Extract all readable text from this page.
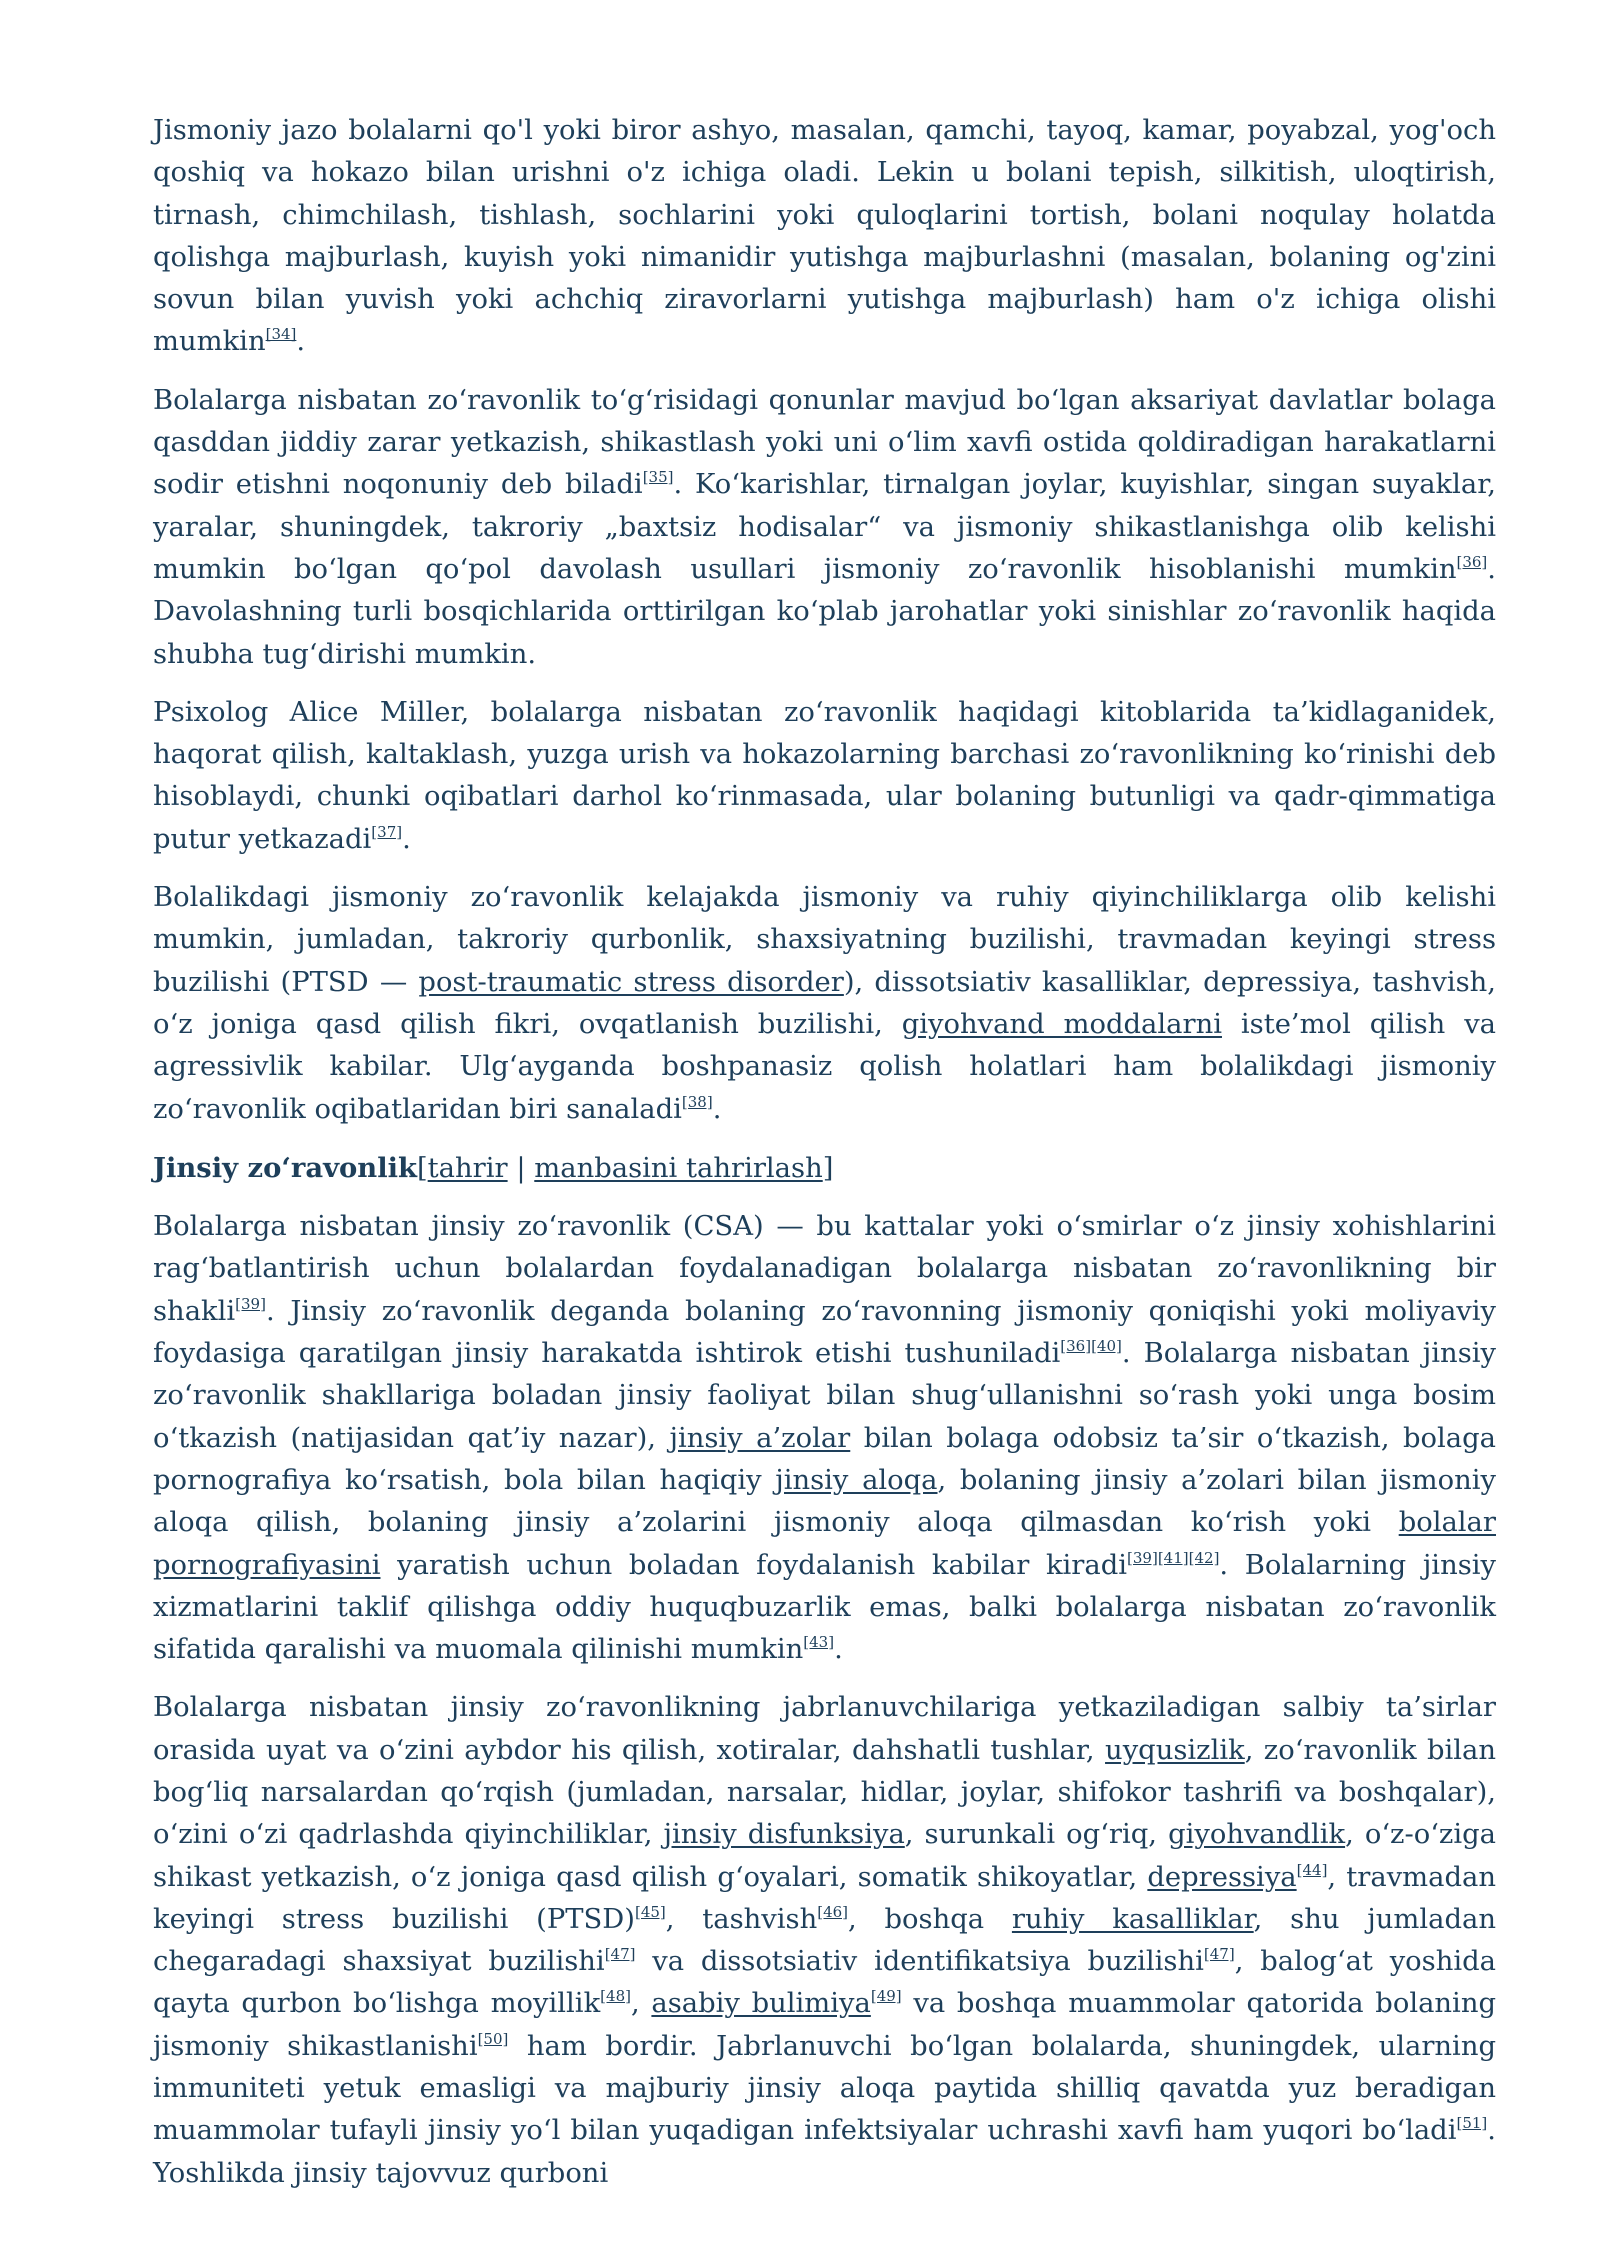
Jismoniy jazo bolalarni qo'l yoki biror ashyo, masalan, qamchi, tayoq, kamar, poyabzal, yog'och qoshiq va hokazo bilan urishni o'z ichiga oladi. Lekin u bolani tepish, silkitish, uloqtirish, tirnash, chimchilash, tishlash, sochlarini yoki quloqlarini tortish, bolani noqulay holatda qolishga majburlash, kuyish yoki nimanidir yutishga majburlashni (masalan, bolaning og'zini sovun bilan yuvish yoki achchiq ziravorlarni yutishga majburlash) ham o'z ichiga olishi mumkin[34].

Bolalarga nisbatan zo‘ravonlik to‘g‘risidagi qonunlar mavjud bo‘lgan aksariyat davlatlar bolaga qasddan jiddiy zarar yetkazish, shikastlash yoki uni o‘lim xavfi ostida qoldiradigan harakatlarni sodir etishni noqonuniy deb biladi[35]. Ko‘karishlar, tirnalgan joylar, kuyishlar, singan suyaklar, yaralar, shuningdek, takroriy „baxtsiz hodisalar“ va jismoniy shikastlanishga olib kelishi mumkin bo‘lgan qo‘pol davolash usullari jismoniy zo‘ravonlik hisoblanishi mumkin[36]. Davolashning turli bosqichlarida orttirilgan ko‘plab jarohatlar yoki sinishlar zo‘ravonlik haqida shubha tug‘dirishi mumkin.

Psixolog Alice Miller, bolalarga nisbatan zo‘ravonlik haqidagi kitoblarida ta’kidlaganidek, haqorat qilish, kaltaklash, yuzga urish va hokazolarning barchasi zo‘ravonlikning ko‘rinishi deb hisoblaydi, chunki oqibatlari darhol ko‘rinmasada, ular bolaning butunligi va qadr-qimmatiga putur yetkazadi[37].

Bolalikdagi jismoniy zo‘ravonlik kelajakda jismoniy va ruhiy qiyinchiliklarga olib kelishi mumkin, jumladan, takroriy qurbonlik, shaxsiyatning buzilishi, travmadan keyingi stress buzilishi (PTSD — post-traumatic stress disorder), dissotsiativ kasalliklar, depressiya, tashvish, o‘z joniga qasd qilish fikri, ovqatlanish buzilishi, giyohvand moddalarni iste’mol qilish va agressivlik kabilar. Ulg‘ayganda boshpanasiz qolish holatlari ham bolalikdagi jismoniy zo‘ravonlik oqibatlaridan biri sanaladi[38].

Jinsiy zo‘ravonlik[tahrir | manbasini tahrirlash]

Bolalarga nisbatan jinsiy zo‘ravonlik (CSA) — bu kattalar yoki o‘smirlar o‘z jinsiy xohishlarini rag‘batlantirish uchun bolalardan foydalanadigan bolalarga nisbatan zo‘ravonlikning bir shakli[39]. Jinsiy zo‘ravonlik deganda bolaning zo‘ravonning jismoniy qoniqishi yoki moliyaviy foydasiga qaratilgan jinsiy harakatda ishtirok etishi tushuniladi[36][40]. Bolalarga nisbatan jinsiy zo‘ravonlik shakllariga boladan jinsiy faoliyat bilan shug‘ullanishni so‘rash yoki unga bosim o‘tkazish (natijasidan qat’iy nazar), jinsiy a’zolar bilan bolaga odobsiz ta’sir o‘tkazish, bolaga pornografiya ko‘rsatish, bola bilan haqiqiy jinsiy aloqa, bolaning jinsiy a’zolari bilan jismoniy aloqa qilish, bolaning jinsiy a’zolarini jismoniy aloqa qilmasdan ko‘rish yoki bolalar pornografiyasini yaratish uchun boladan foydalanish kabilar kiradi[39][41][42]. Bolalarning jinsiy xizmatlarini taklif qilishga oddiy huquqbuzarlik emas, balki bolalarga nisbatan zo‘ravonlik sifatida qaralishi va muomala qilinishi mumkin[43].

Bolalarga nisbatan jinsiy zo‘ravonlikning jabrlanuvchilariga yetkaziladigan salbiy ta’sirlar orasida uyat va o‘zini aybdor his qilish, xotiralar, dahshatli tushlar, uyqusizlik, zo‘ravonlik bilan bog‘liq narsalardan qo‘rqish (jumladan, narsalar, hidlar, joylar, shifokor tashrifi va boshqalar), o‘zini o‘zi qadrlashda qiyinchiliklar, jinsiy disfunksiya, surunkali og‘riq, giyohvandlik, o‘z-o‘ziga shikast yetkazish, o‘z joniga qasd qilish g‘oyalari, somatik shikoyatlar, depressiya[44], travmadan keyingi stress buzilishi (PTSD)[45], tashvish[46], boshqa ruhiy kasalliklar, shu jumladan chegaradagi shaxsiyat buzilishi[47] va dissotsiativ identifikatsiya buzilishi[47], balog‘at yoshida qayta qurbon bo‘lishga moyillik[48], asabiy bulimiya[49] va boshqa muammolar qatorida bolaning jismoniy shikastlanishi[50] ham bordir. Jabrlanuvchi bo‘lgan bolalarda, shuningdek, ularning immuniteti yetuk emasligi va majburiy jinsiy aloqa paytida shilliq qavatda yuz beradigan muammolar tufayli jinsiy yo‘l bilan yuqadigan infektsiyalar uchrashi xavfi ham yuqori bo‘ladi[51]. Yoshlikda jinsiy tajovvuz qurboni
